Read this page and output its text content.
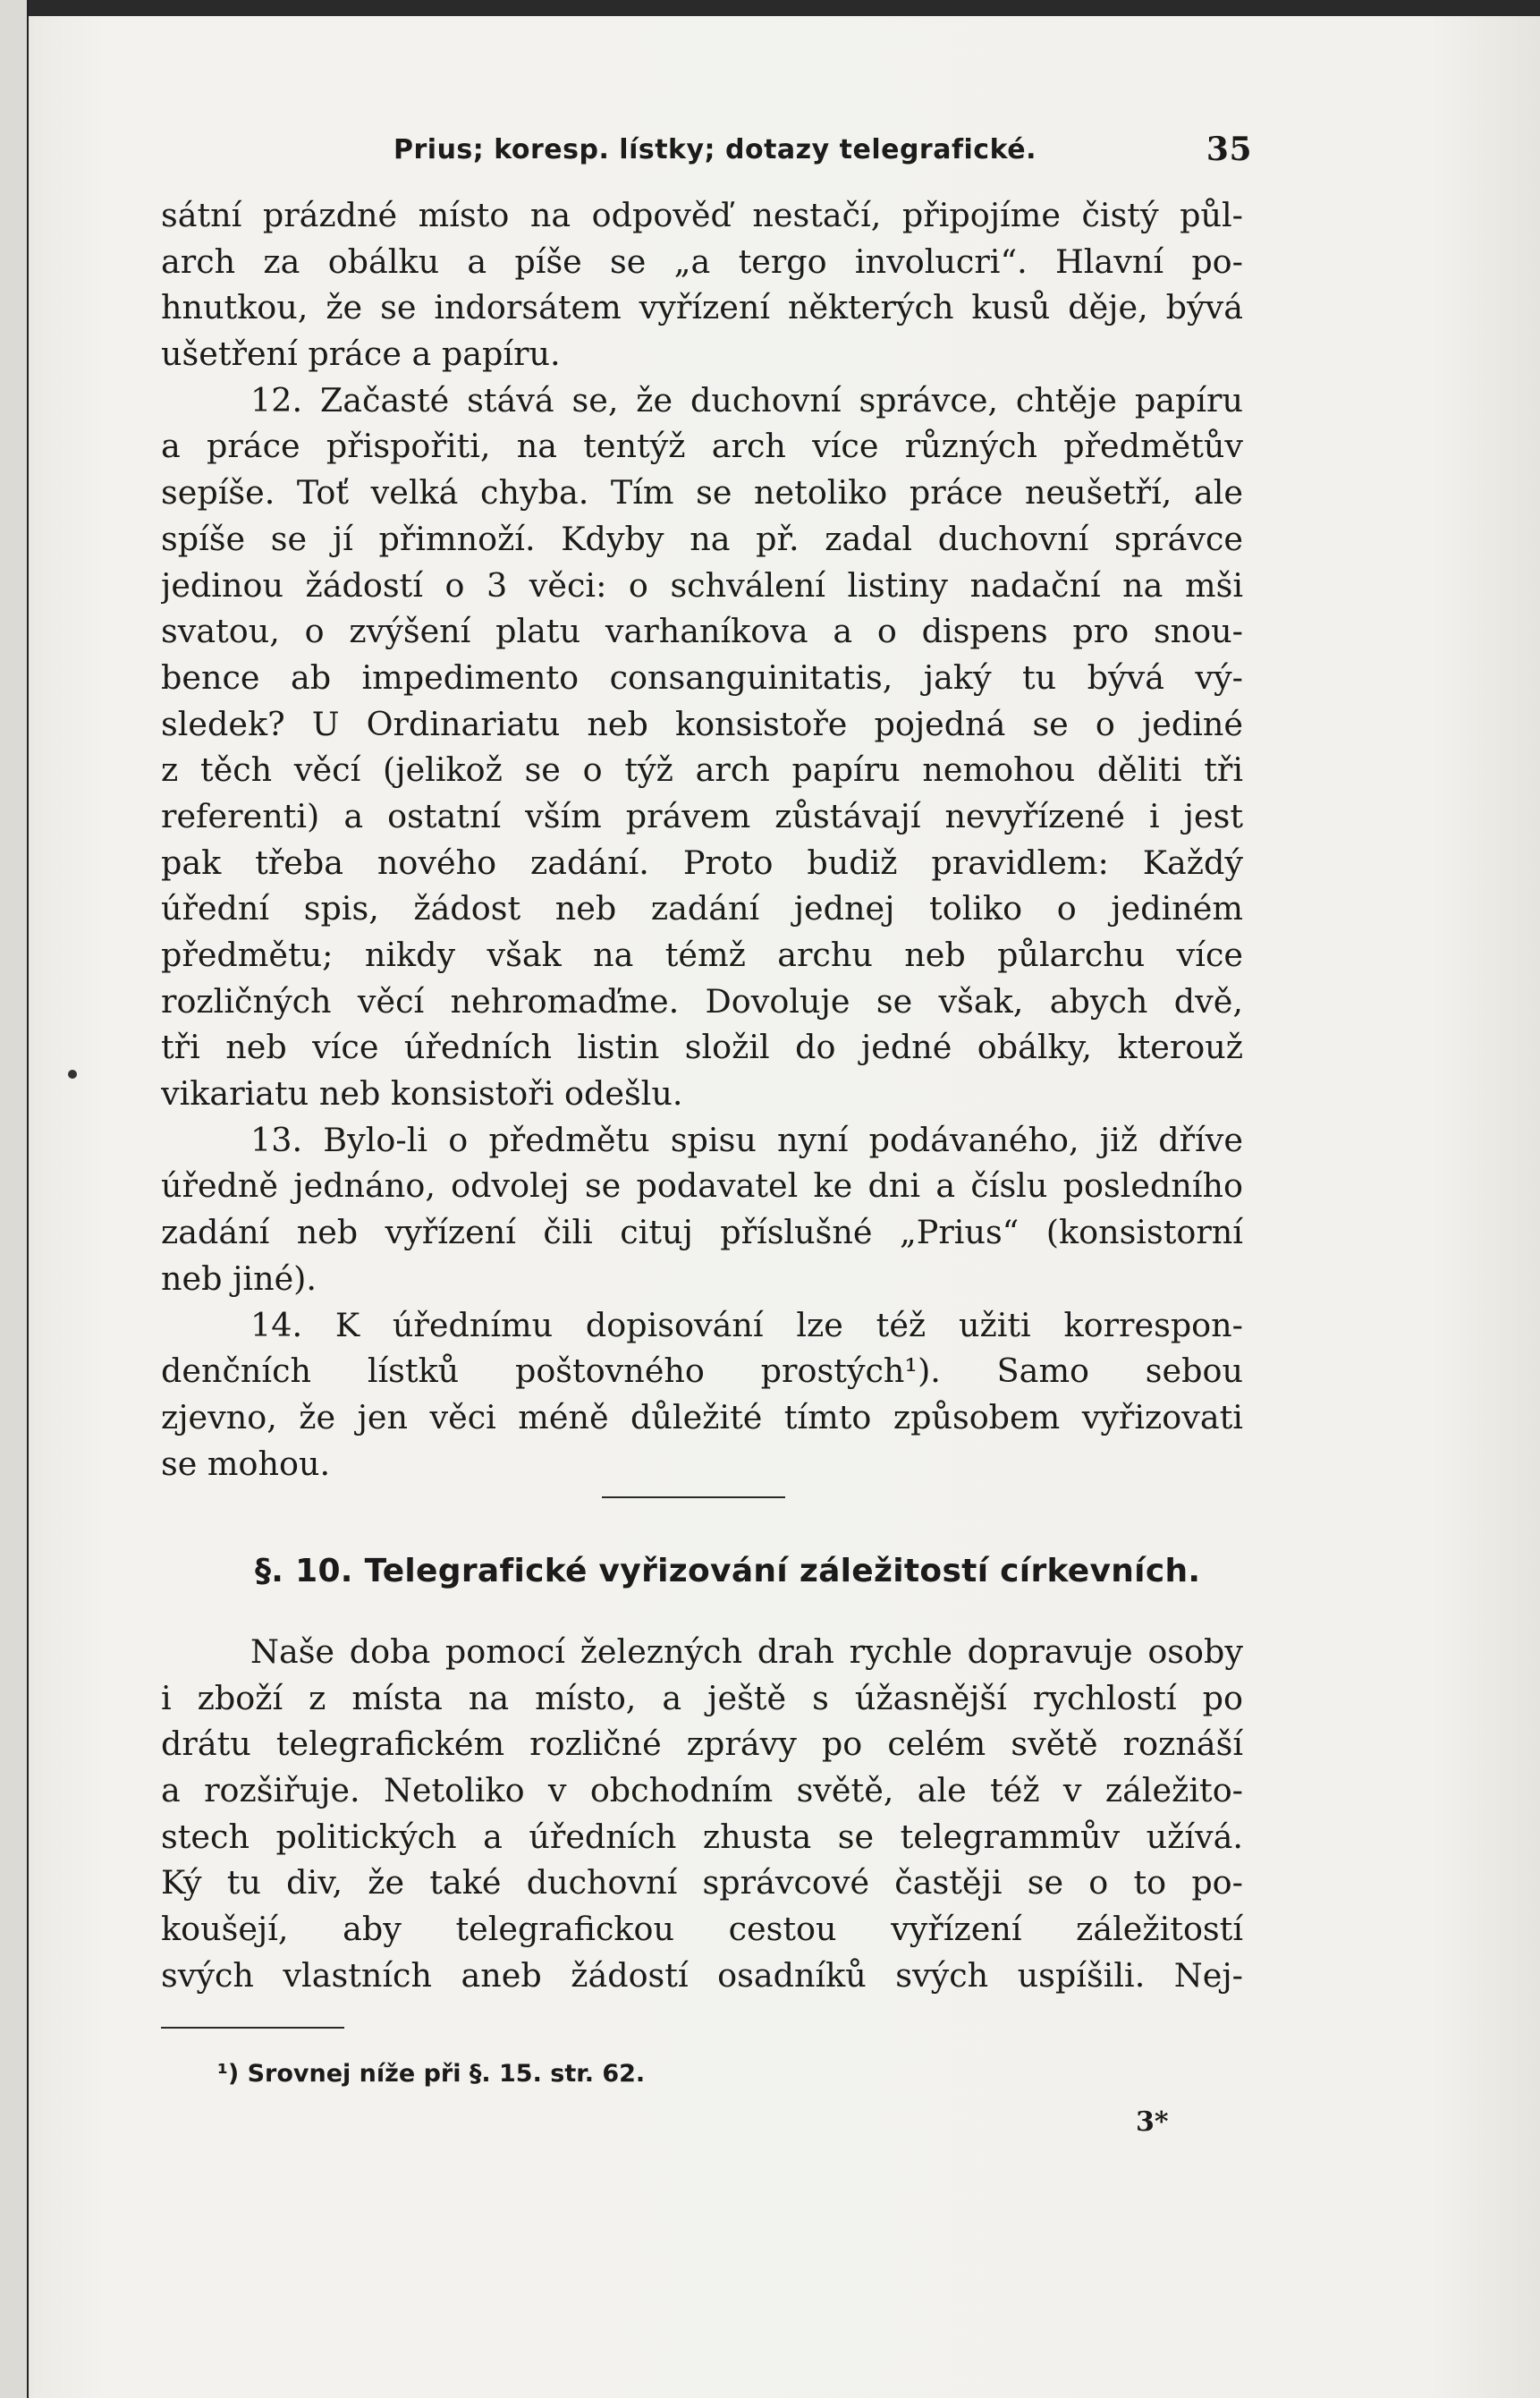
Prius; koresp. lístky; dotazy telegrafické.	35
sátní prázdné místo na odpověď nestačí, připojíme čistý půl-
arch za obálku a píše se „a tergo involucri“. Hlavní po-
hnutkou, že se indorsátem vyřízení některých kusů děje, bývá
ušetření práce a papíru.
12. Začasté stává se, že duchovní správce, chtěje papíru
a práce přispořiti, na tentýž arch více různých předmětův
sepíše. Toť velká chyba. Tím se netoliko práce neušetří, ale
spíše se jí přimnoží. Kdyby na př. zadal duchovní správce
jedinou žádostí o 3 věci: o schválení listiny nadační na mši
svatou, o zvýšení platu varhaníkova a o dispens pro snou-
bence ab impedimento consanguinitatis, jaký tu bývá vý-
sledek? U Ordinariatu neb konsistoře pojedná se o jediné
z těch věcí (jelikož se o týž arch papíru nemohou děliti tři
referenti) a ostatní vším právem zůstávají nevyřízené i jest
pak třeba nového zadání. Proto budiž pravidlem: Každý
úřední spis, žádost neb zadání jednej toliko o jediném
předmětu; nikdy však na témž archu neb půlarchu více
rozličných věcí nehromaďme. Dovoluje se však, abych dvě,
tři neb více úředních listin složil do jedné obálky, kterouž
vikariatu neb konsistoři odešlu.
13. Bylo-li o předmětu spisu nyní podávaného, již dříve
úředně jednáno, odvolej se podavatel ke dni a číslu posledního
zadání neb vyřízení čili cituj příslušné „Prius“ (konsistorní
neb jiné).
14. K úřednímu dopisování lze též užiti korrespon-
denčních lístků poštovného prostých¹). Samo sebou
zjevno, že jen věci méně důležité tímto způsobem vyřizovati
se mohou.
§. 10. Telegrafické vyřizování záležitostí církevních.
Naše doba pomocí železných drah rychle dopravuje osoby
i zboží z místa na místo, a ještě s úžasnější rychlostí po
drátu telegrafickém rozličné zprávy po celém světě roznáší
a rozšiřuje. Netoliko v obchodním světě, ale též v záležito-
stech politických a úředních zhusta se telegrammův užívá.
Ký tu div, že také duchovní správcové častěji se o to po-
koušejí, aby telegrafickou cestou vyřízení záležitostí
svých vlastních aneb žádostí osadníků svých uspíšili. Nej-
¹) Srovnej níže při §. 15. str. 62.
3*
